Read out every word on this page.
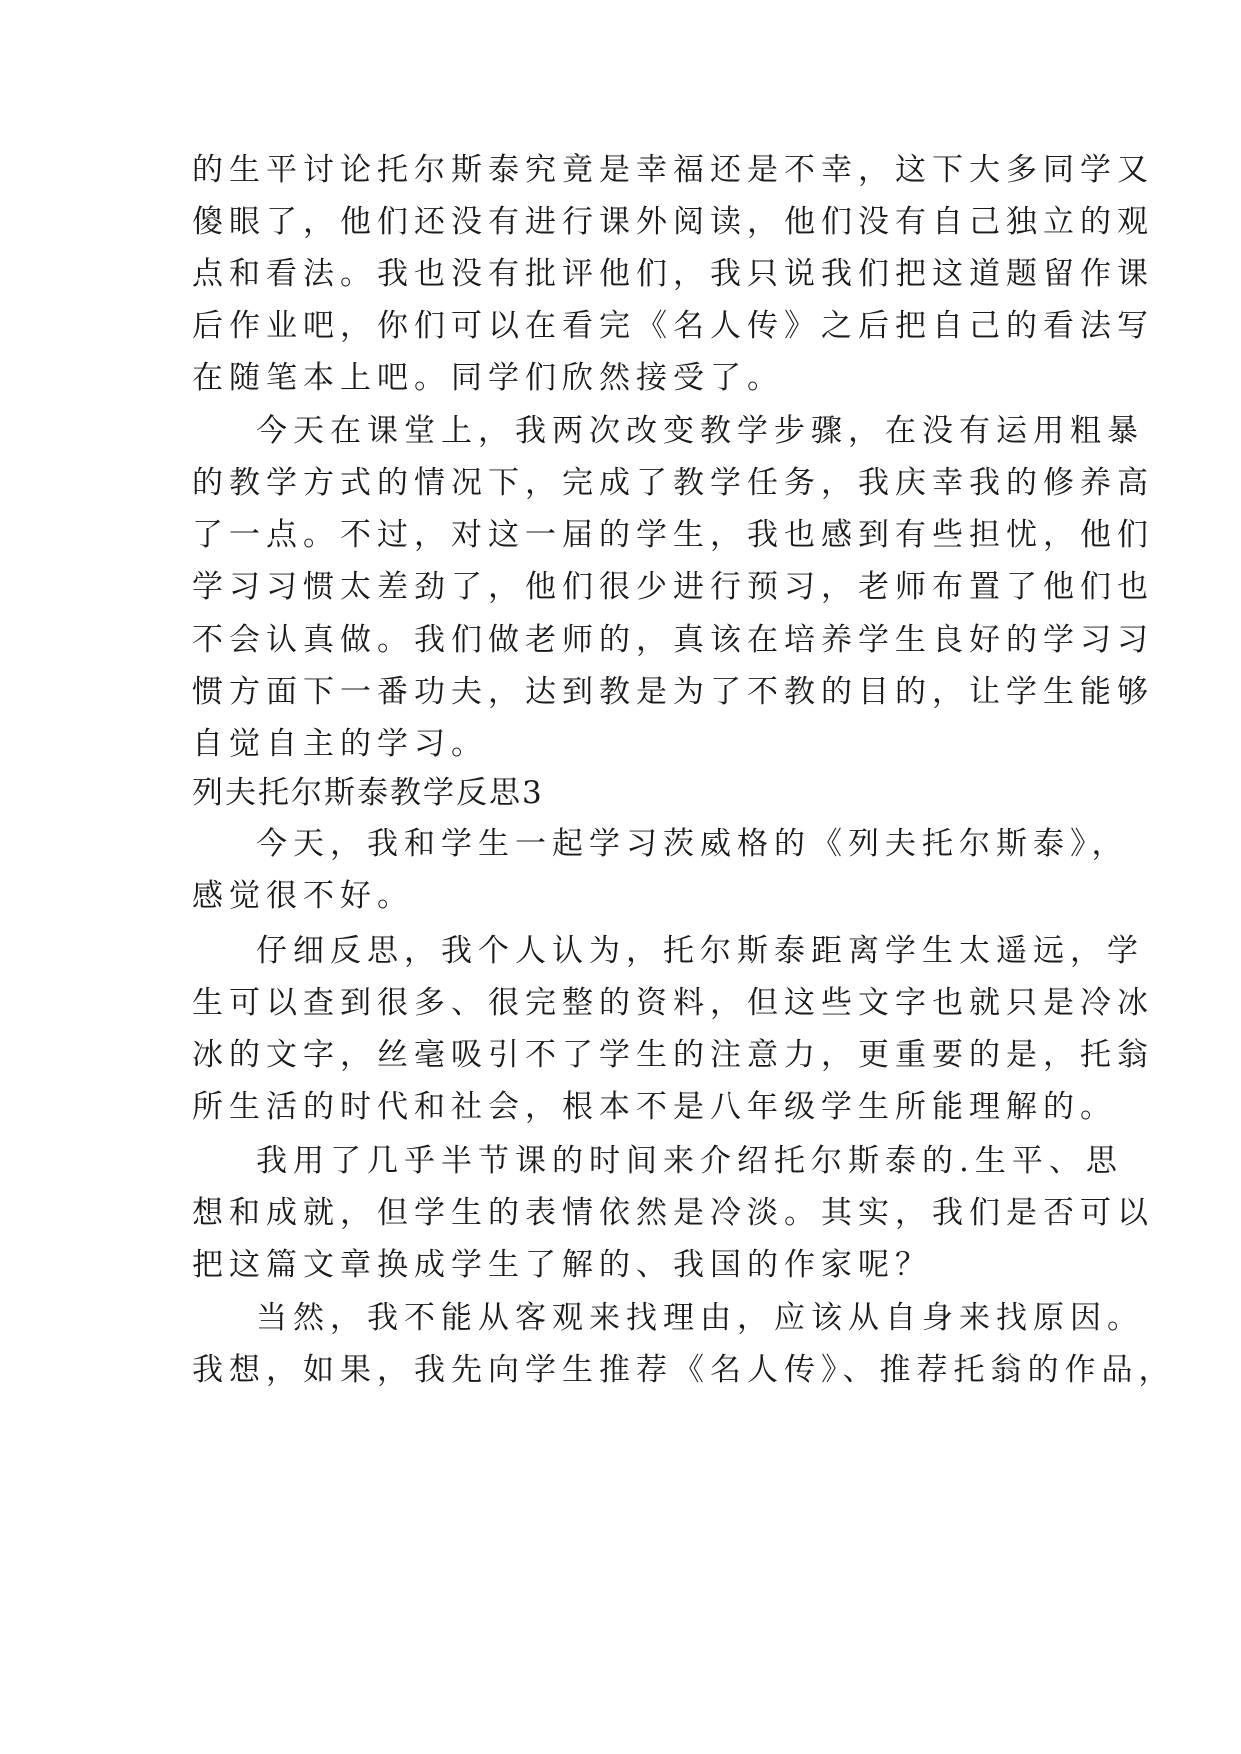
的生平讨论托尔斯泰究竟是幸福还是不幸，这下大多同学又
傻眼了，他们还没有进行课外阅读，他们没有自己独立的观
点和看法。我也没有批评他们，我只说我们把这道题留作课
后作业吧，你们可以在看完《名人传》之后把自己的看法写
在随笔本上吧。同学们欣然接受了。
今天在课堂上，我两次改变教学步骤，在没有运用粗暴
的教学方式的情况下，完成了教学任务，我庆幸我的修养高
了一点。不过，对这一届的学生，我也感到有些担忧，他们
学习习惯太差劲了，他们很少进行预习，老师布置了他们也
不会认真做。我们做老师的，真该在培养学生良好的学习习
惯方面下一番功夫，达到教是为了不教的目的，让学生能够
自觉自主的学习。
列夫托尔斯泰教学反思3
今天，我和学生一起学习茨威格的《列夫托尔斯泰》，
感觉很不好。
仔细反思，我个人认为，托尔斯泰距离学生太遥远，学
生可以查到很多、很完整的资料，但这些文字也就只是冷冰
冰的文字，丝毫吸引不了学生的注意力，更重要的是，托翁
所生活的时代和社会，根本不是八年级学生所能理解的。
我用了几乎半节课的时间来介绍托尔斯泰的.生平、思
想和成就，但学生的表情依然是冷淡。其实，我们是否可以
把这篇文章换成学生了解的、我国的作家呢？
当然，我不能从客观来找理由，应该从自身来找原因。
我想，如果，我先向学生推荐《名人传》、推荐托翁的作品，
